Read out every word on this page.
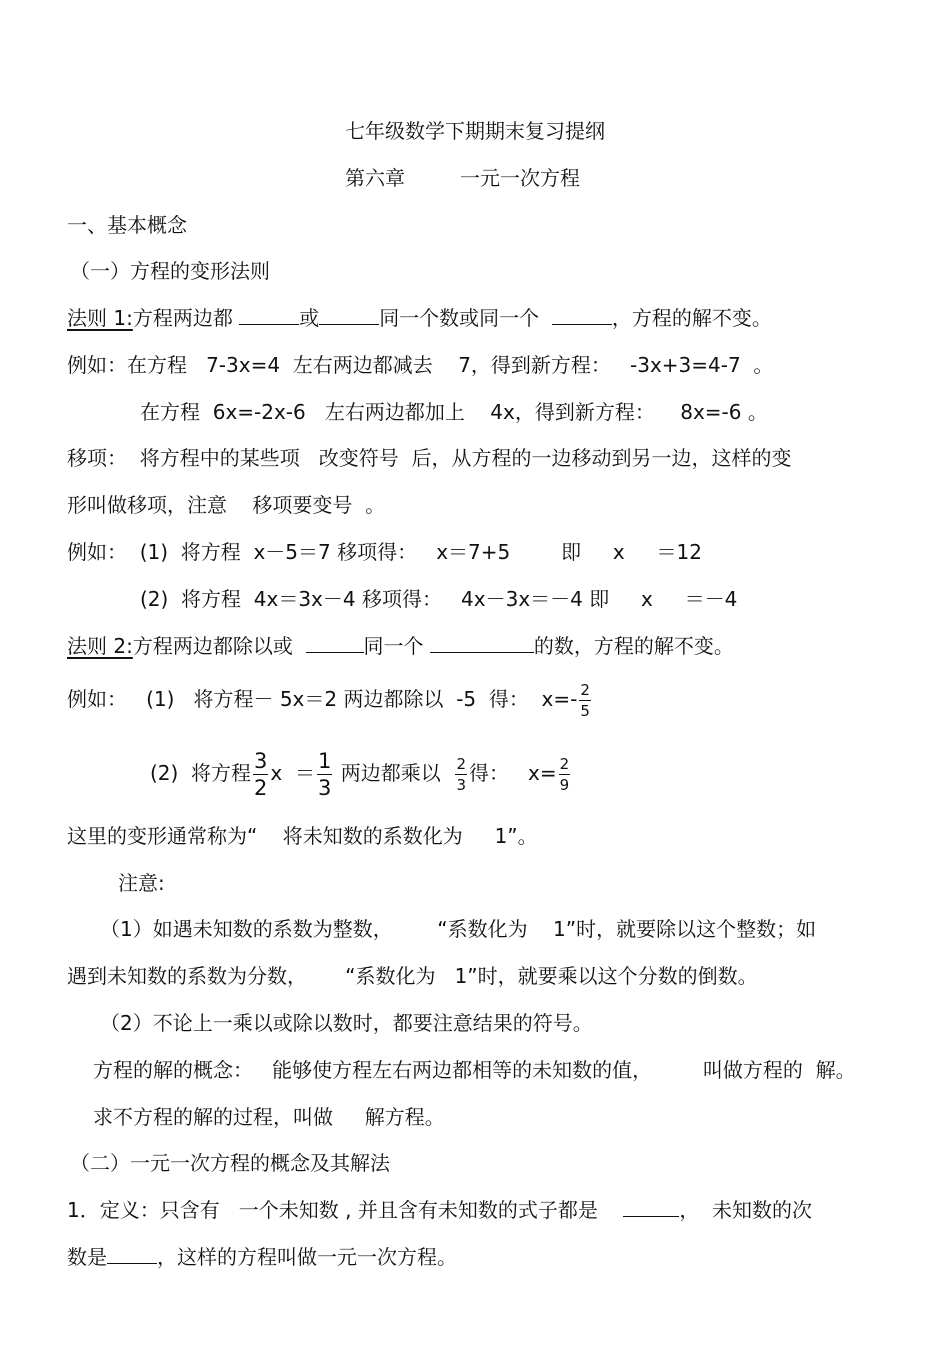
七年级数学下期期末复习提纲
第六章	一元一次方程
一、基本概念
（一）方程的变形法则
法则 1:方程两边都	或	同一个数或同一个	，方程的解不变。
例如：在方程   7-3x=4  左右两边都减去    7，得到新方程：   -3x+3=4-7  。
在方程  6x=-2x-6   左右两边都加上    4x，得到新方程：    8x=-6 。
移项：  将方程中的某些项   改变符号  后，从方程的一边移动到另一边，这样的变
形叫做移项，注意    移项要变号  。
例如：  (1)  将方程  x－5＝7 移项得：   x＝7+5        即     x     ＝12
(2)  将方程  4x＝3x－4 移项得：   4x－3x＝－4 即     x     ＝－4
法则 2:方程两边都除以或	同一个	的数，方程的解不变。
例如：   (1)   将方程－ 5x＝2 两边都除以  -5  得：  $x=- \frac{2}{5}$
(2)  将方程 $\frac{3}{2}$ $x = \frac{1}{3}$ 两边都乘以 $\frac{2}{3}$ 得：   $x= \frac{2}{9}$
这里的变形通常称为“    将未知数的系数化为     1”。
注意:
（1）如遇未知数的系数为整数，       “系数化为    1”时，就要除以这个整数；如
遇到未知数的系数为分数，      “系数化为   1”时，就要乘以这个分数的倒数。
（2）不论上一乘以或除以数时，都要注意结果的符号。
方程的解的概念：   能够使方程左右两边都相等的未知数的值，        叫做方程的  解。
求不方程的解的过程，叫做     解方程。
（二）一元一次方程的概念及其解法
1．定义：只含有   一个未知数 , 并且含有未知数的式子都是	，  未知数的次
数是	，这样的方程叫做一元一次方程。
